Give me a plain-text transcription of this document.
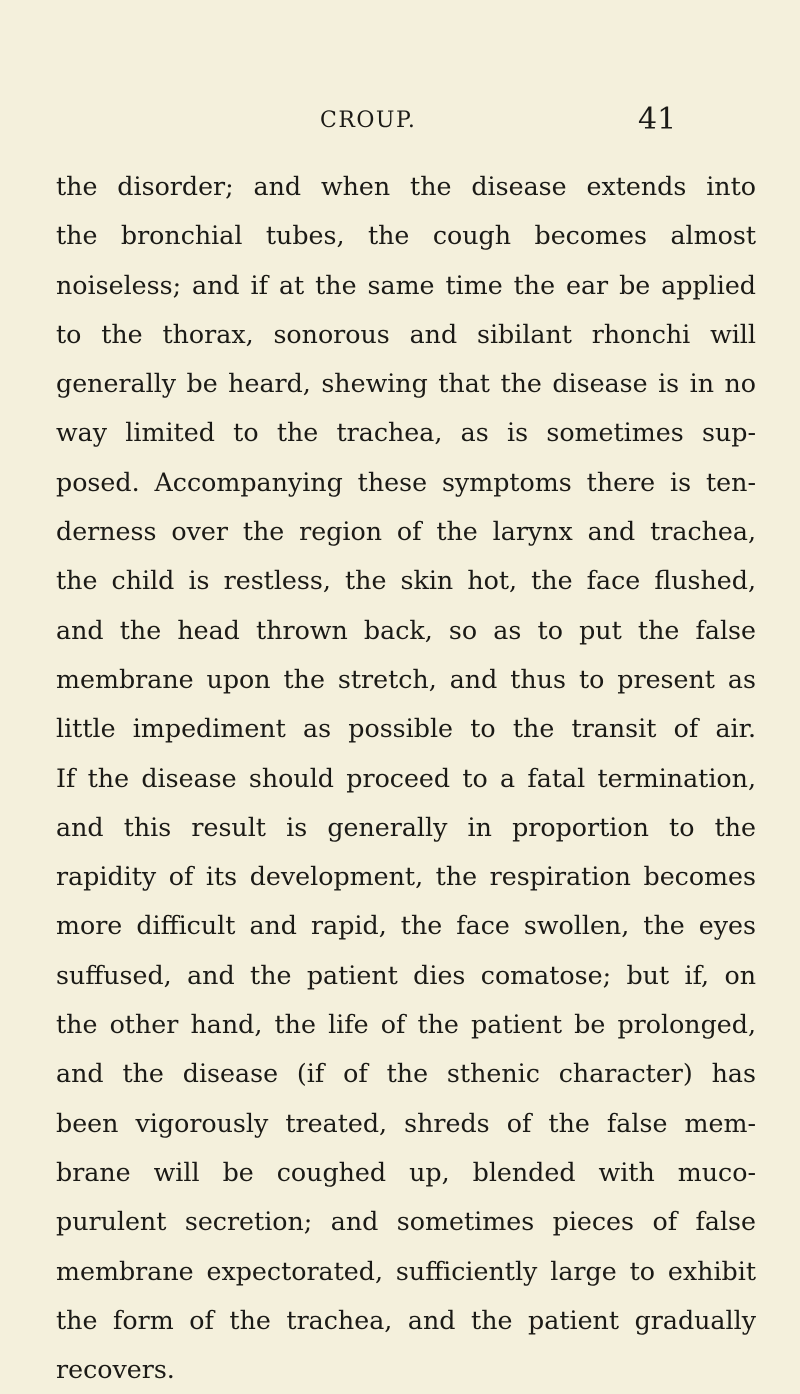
CROUP.	41
the disorder; and when the disease extends into
the bronchial tubes, the cough becomes almost
noiseless; and if at the same time the ear be applied
to the thorax, sonorous and sibilant rhonchi will
generally be heard, shewing that the disease is in no
way limited to the trachea, as is sometimes sup-
posed. Accompanying these symptoms there is ten-
derness over the region of the larynx and trachea,
the child is restless, the skin hot, the face flushed,
and the head thrown back, so as to put the false
membrane upon the stretch, and thus to present as
little impediment as possible to the transit of air.
If the disease should proceed to a fatal termination,
and this result is generally in proportion to the
rapidity of its development, the respiration becomes
more difficult and rapid, the face swollen, the eyes
suffused, and the patient dies comatose; but if, on
the other hand, the life of the patient be prolonged,
and the disease (if of the sthenic character) has
been vigorously treated, shreds of the false mem-
brane will be coughed up, blended with muco-
purulent secretion; and sometimes pieces of false
membrane expectorated, sufficiently large to exhibit
the form of the trachea, and the patient gradually
recovers.
